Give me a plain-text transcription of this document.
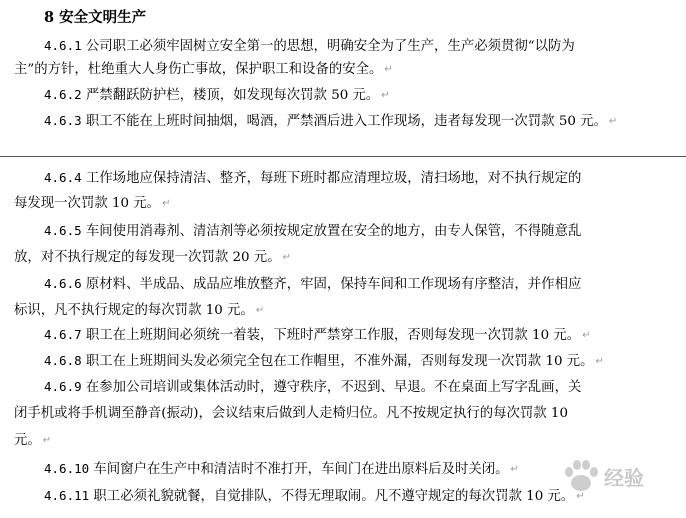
8 安全文明生产
4.6.1 公司职工必须牢固树立安全第一的思想，明确安全为了生产，生产必须贯彻“以防为
主”的方针，杜绝重大人身伤亡事故，保护职工和设备的安全。 ↵
4.6.2 严禁翻跃防护栏，楼顶，如发现每次罚款 50 元。 ↵
4.6.3 职工不能在上班时间抽烟，喝酒，严禁酒后进入工作现场，违者每发现一次罚款 50 元。 ↵
4.6.4 工作场地应保持清洁、整齐，每班下班时都应清理垃圾，清扫场地，对不执行规定的
每发现一次罚款 10 元。 ↵
4.6.5 车间使用消毒剂、清洁剂等必须按规定放置在安全的地方，由专人保管，不得随意乱
放，对不执行规定的每发现一次罚款 20 元。 ↵
4.6.6 原材料、半成品、成品应堆放整齐，牢固，保持车间和工作现场有序整洁，并作相应
标识，凡不执行规定的每次罚款 10 元。 ↵
4.6.7 职工在上班期间必须统一着装，下班时严禁穿工作服，否则每发现一次罚款 10 元。 ↵
4.6.8 职工在上班期间头发必须完全包在工作帽里，不准外漏，否则每发现一次罚款 10 元。 ↵
4.6.9 在参加公司培训或集体活动时，遵守秩序，不迟到、早退。不在桌面上写字乱画，关
闭手机或将手机调至静音(振动)，会议结束后做到人走椅归位。凡不按规定执行的每次罚款 10
元。 ↵
4.6.10 车间窗户在生产中和清洁时不准打开，车间门在进出原料后及时关闭。 ↵
4.6.11 职工必须礼貌就餐，自觉排队，不得无理取闹。凡不遵守规定的每次罚款 10 元。 ↵
经验
